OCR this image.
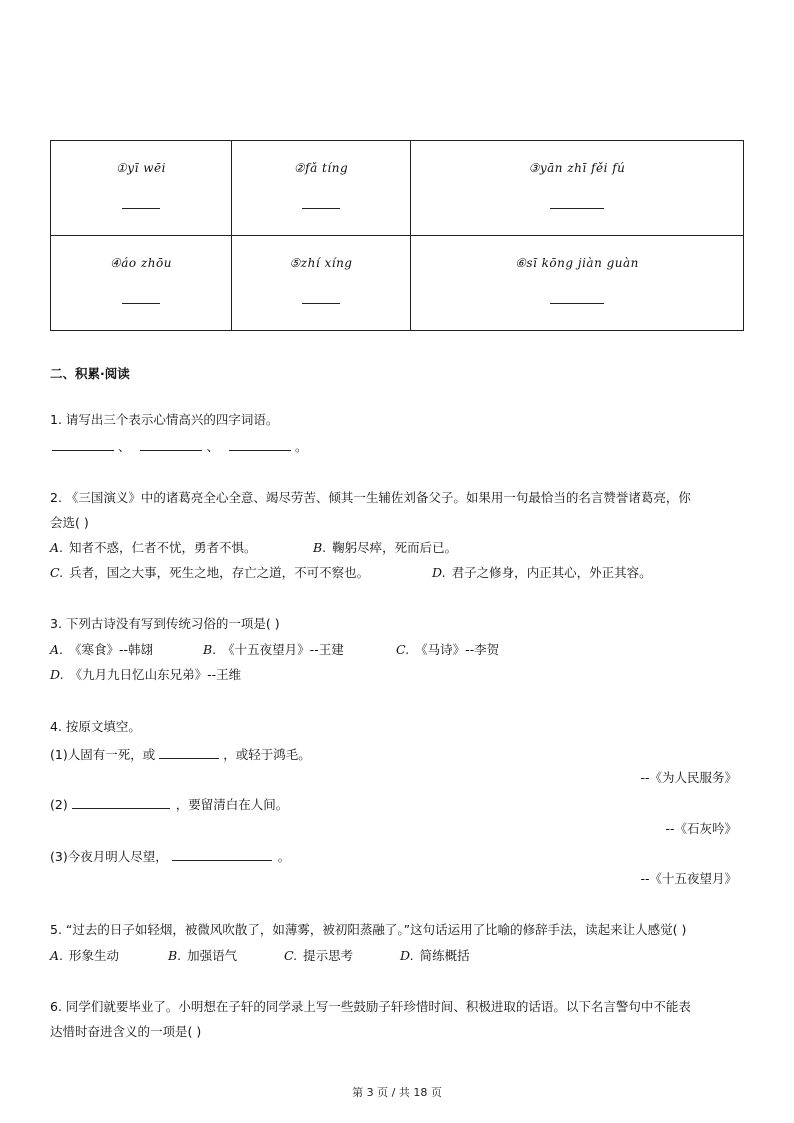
①yī wēi	②fǎ tíng	③yān zhī fěi fú

④áo zhōu	⑤zhí xíng	⑥sī kōng jiàn guàn
二、积累·阅读
1. 请写出三个表示心情高兴的四字词语。
、	、	。
2. 《三国演义》中的诸葛亮全心全意、竭尽劳苦、倾其一生辅佐刘备父子。如果用一句最恰当的名言赞誉诸葛亮，你
会选( )
A. 知者不惑，仁者不忧，勇者不惧。	B. 鞠躬尽瘁，死而后已。
C. 兵者，国之大事，死生之地，存亡之道，不可不察也。	D. 君子之修身，内正其心，外正其容。
3. 下列古诗没有写到传统习俗的一项是( )
A. 《寒食》--韩翃	B. 《十五夜望月》--王建	C. 《马诗》--李贺
D. 《九月九日忆山东兄弟》--王维
4. 按原文填空。
(1)人固有一死，或	，或轻于鸿毛。
--《为人民服务》
(2)	，要留清白在人间。
--《石灰吟》
(3)今夜月明人尽望，	。
--《十五夜望月》
5. “过去的日子如轻烟，被微风吹散了，如薄雾，被初阳蒸融了。”这句话运用了比喻的修辞手法，读起来让人感觉( )
A. 形象生动	B. 加强语气	C. 提示思考	D. 简练概括
6. 同学们就要毕业了。小明想在子轩的同学录上写一些鼓励子轩珍惜时间、积极进取的话语。以下名言警句中不能表
达惜时奋进含义的一项是( )
第 3 页 / 共 18 页
